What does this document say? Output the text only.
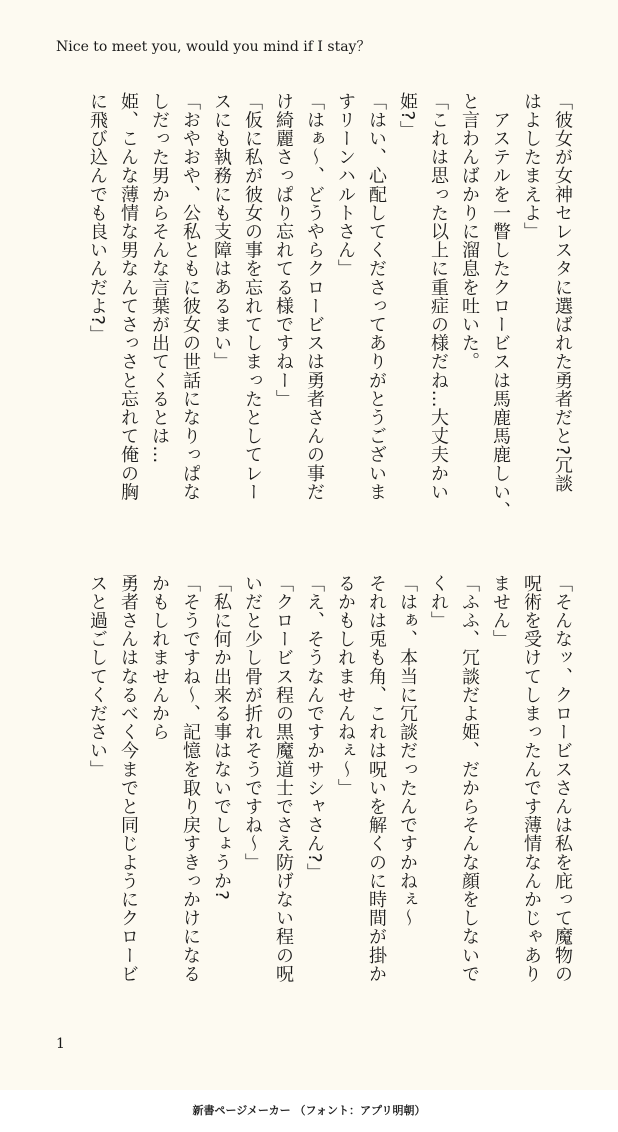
Nice to meet you, would you mind if I stay？
「彼女が女神セレスタに選ばれた勇者だと?冗談
はよしたまえよ」
　アステルを一瞥したクロービスは馬鹿馬鹿しい、
と言わんばかりに溜息を吐いた。
「これは思った以上に重症の様だね…大丈夫かい
姫?」
「はい、心配してくださってありがとうございま
すリーンハルトさん」
「はぁ〜、どうやらクロービスは勇者さんの事だ
け綺麗さっぱり忘れてる様ですねー」
「仮に私が彼女の事を忘れてしまったとしてレー
スにも執務にも支障はあるまい」
「おやおや、公私ともに彼女の世話になりっぱな
しだった男からそんな言葉が出てくるとは…
姫、こんな薄情な男なんてさっさと忘れて俺の胸
に飛び込んでも良いんだよ?」
「そんなッ、クロービスさんは私を庇って魔物の
呪術を受けてしまったんです薄情なんかじゃあり
ません」
「ふふ、冗談だよ姫、だからそんな顔をしないで
くれ」
「はぁ、本当に冗談だったんですかねぇ〜
それは兎も角、これは呪いを解くのに時間が掛か
るかもしれませんねぇ〜」
「え、そうなんですかサシャさん?」
「クロービス程の黒魔道士でさえ防げない程の呪
いだと少し骨が折れそうですね〜」
「私に何か出来る事はないでしょうか?
「そうですね〜、記憶を取り戻すきっかけになる
かもしれませんから
勇者さんはなるべく今までと同じようにクロービ
スと過ごしてください」
1
新書ページメーカー （フォント：アプリ明朝）
